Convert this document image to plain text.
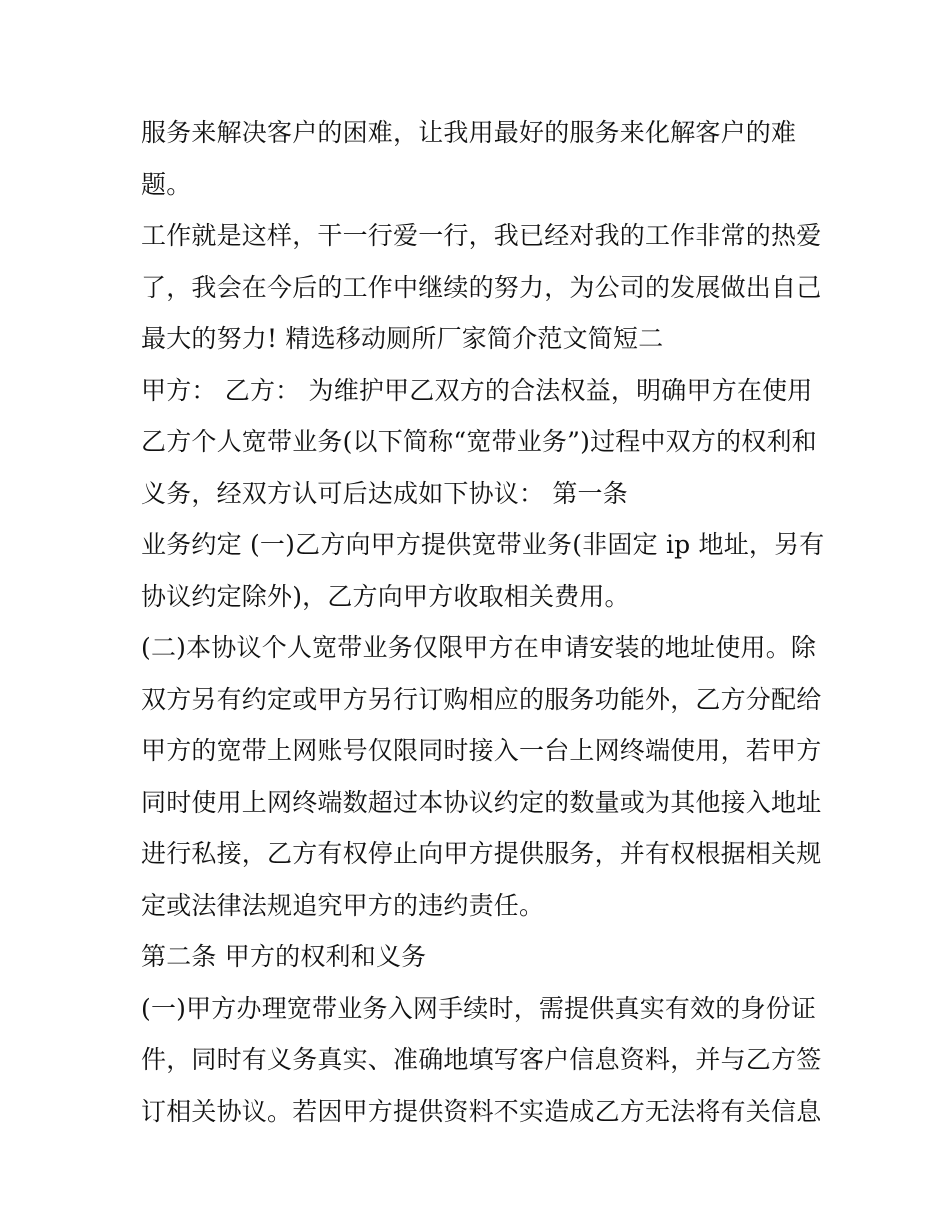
服务来解决客户的困难，让我用最好的服务来化解客户的难
题。
工作就是这样，干一行爱一行，我已经对我的工作非常的热爱
了，我会在今后的工作中继续的努力，为公司的发展做出自己
最大的努力! 精选移动厕所厂家简介范文简短二
甲方： 乙方： 为维护甲乙双方的合法权益，明确甲方在使用
乙方个人宽带业务(以下简称“宽带业务”)过程中双方的权利和
义务，经双方认可后达成如下协议： 第一条
业务约定 (一)乙方向甲方提供宽带业务(非固定 ip 地址，另有
协议约定除外)，乙方向甲方收取相关费用。
(二)本协议个人宽带业务仅限甲方在申请安装的地址使用。除
双方另有约定或甲方另行订购相应的服务功能外，乙方分配给
甲方的宽带上网账号仅限同时接入一台上网终端使用，若甲方
同时使用上网终端数超过本协议约定的数量或为其他接入地址
进行私接，乙方有权停止向甲方提供服务，并有权根据相关规
定或法律法规追究甲方的违约责任。
第二条 甲方的权利和义务
(一)甲方办理宽带业务入网手续时，需提供真实有效的身份证
件，同时有义务真实、准确地填写客户信息资料，并与乙方签
订相关协议。若因甲方提供资料不实造成乙方无法将有关信息
